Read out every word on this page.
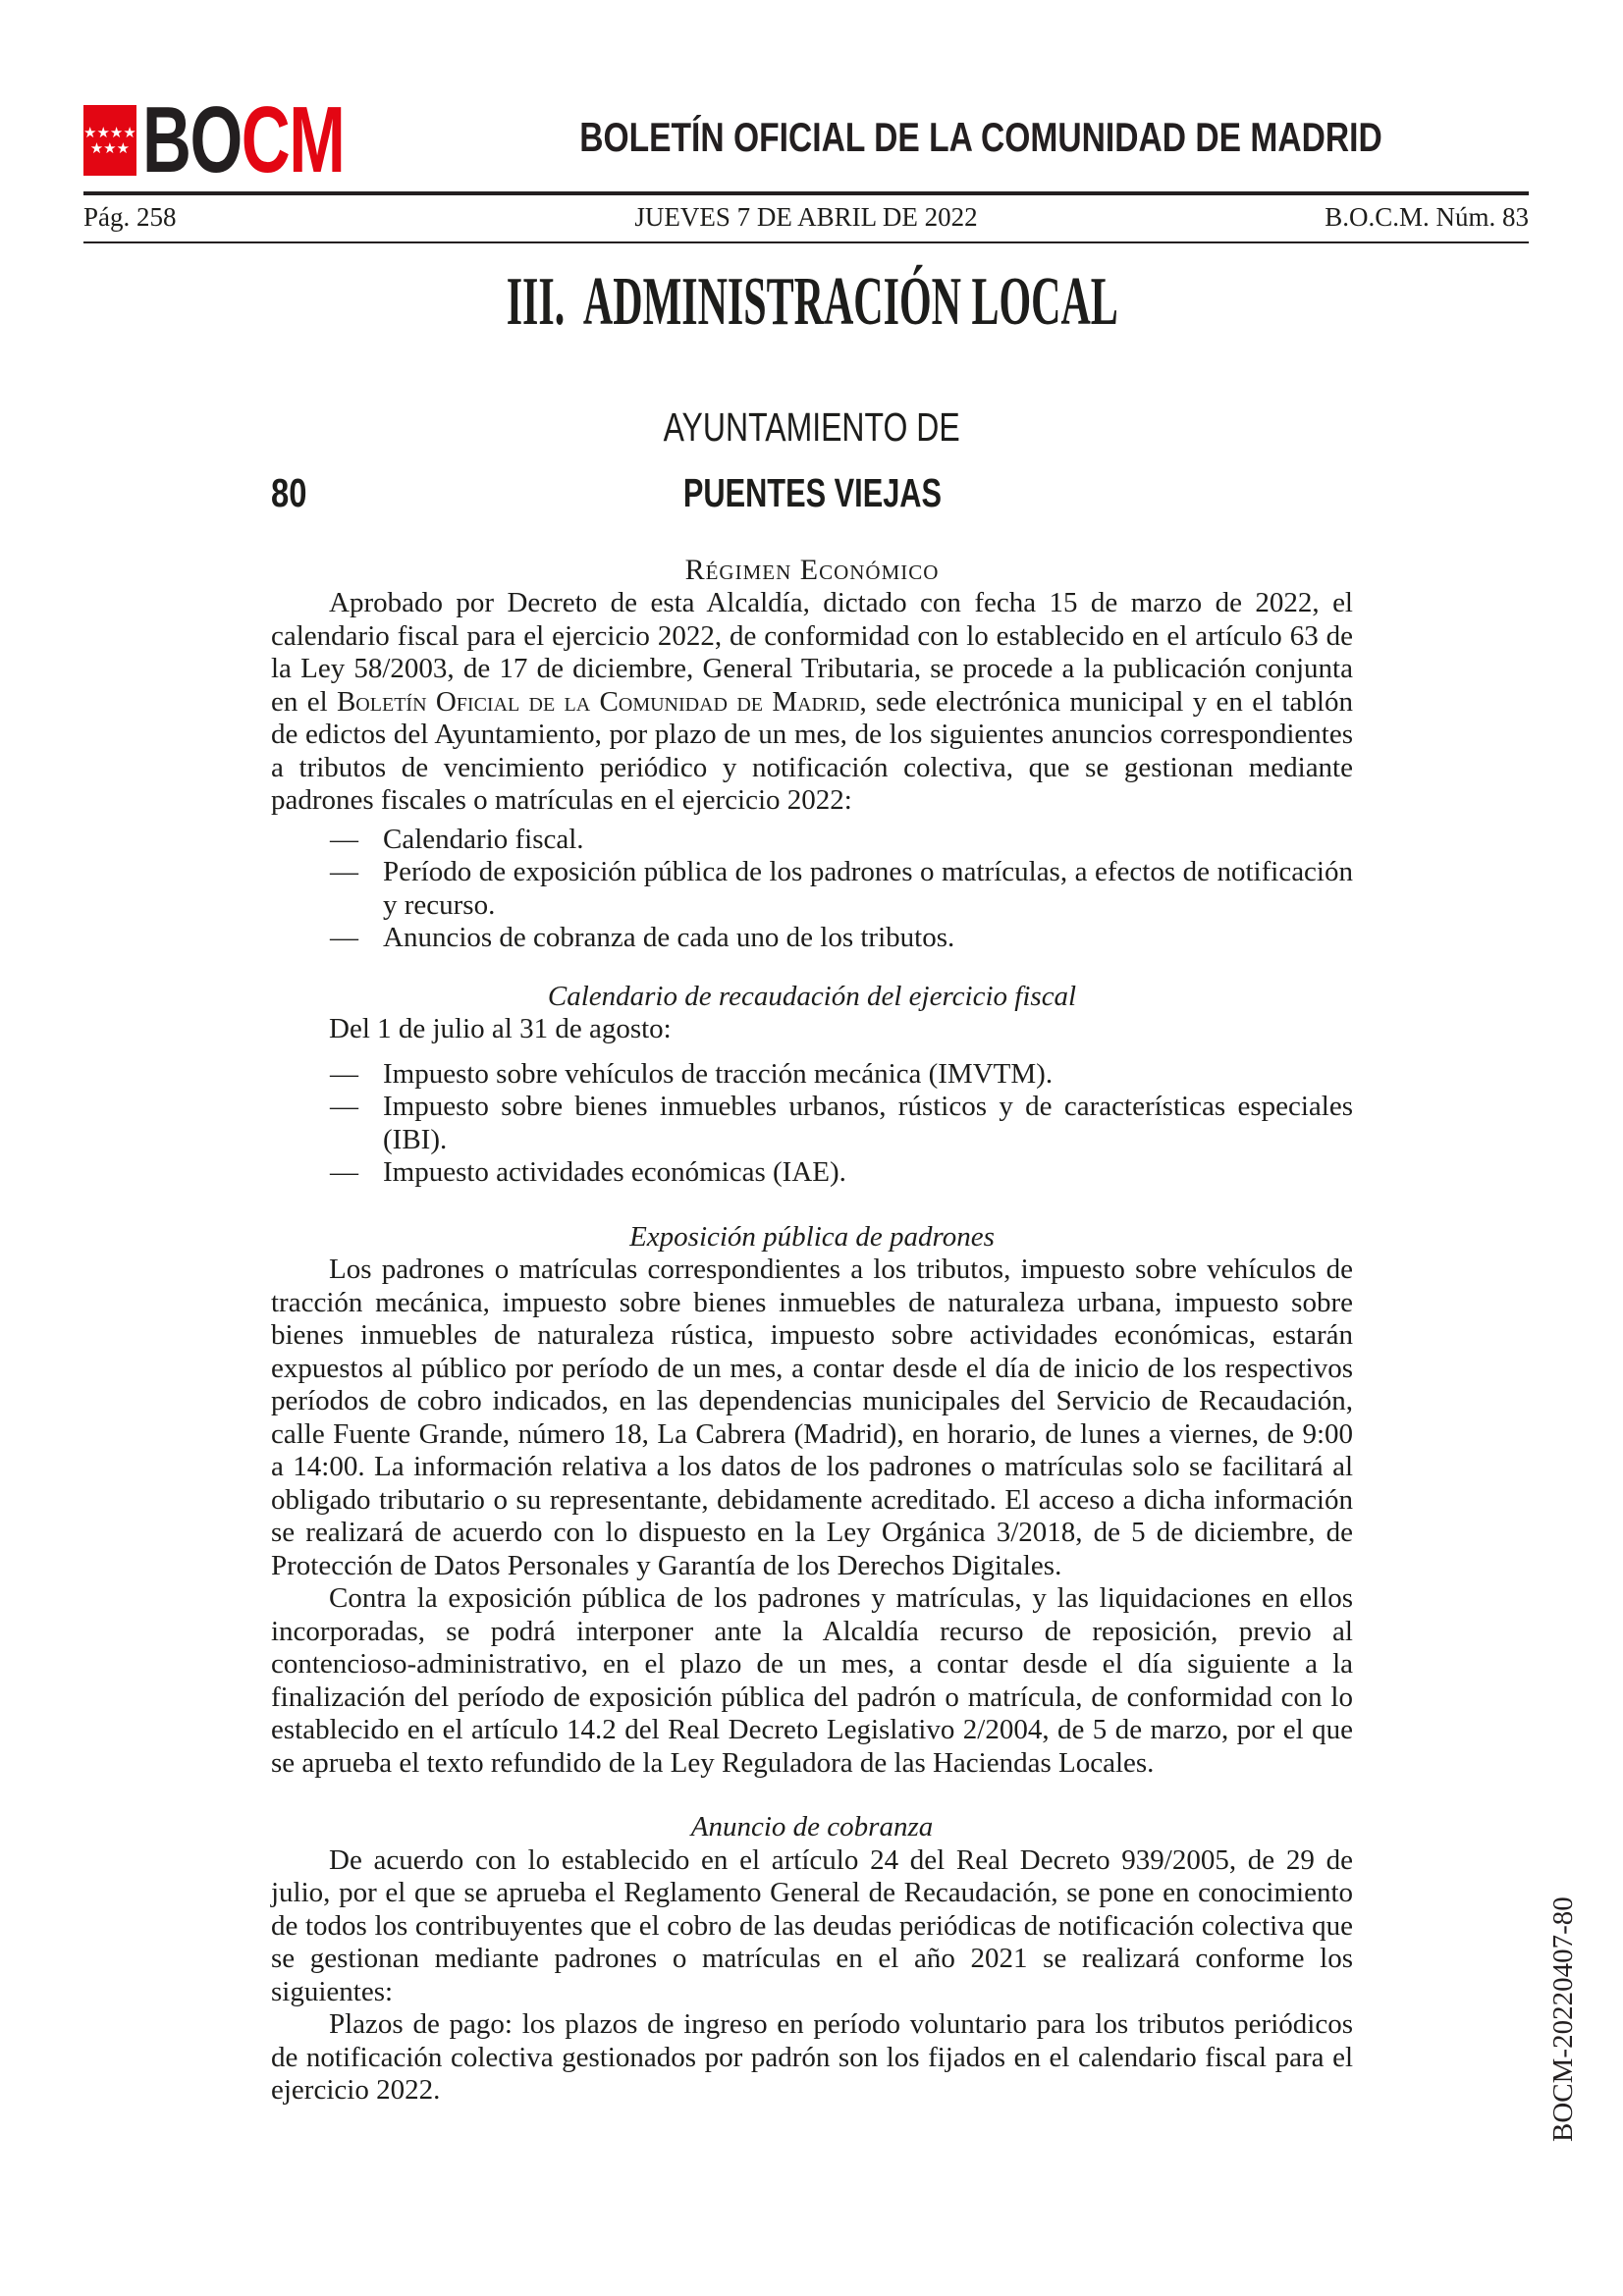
★★★★
★★★ BOCM	BOLETÍN OFICIAL DE LA COMUNIDAD DE MADRID
Pág. 258	JUEVES 7 DE ABRIL DE 2022	B.O.C.M. Núm. 83
III.  ADMINISTRACIÓN LOCAL
AYUNTAMIENTO DE
80	PUENTES VIEJAS
Régimen Económico

Aprobado por Decreto de esta Alcaldía, dictado con fecha 15 de marzo de 2022, el calendario fiscal para el ejercicio 2022, de conformidad con lo establecido en el artículo 63 de la Ley 58/2003, de 17 de diciembre, General Tributaria, se procede a la publicación conjunta en el Boletín Oficial de la Comunidad de Madrid, sede electrónica municipal y en el tablón de edictos del Ayuntamiento, por plazo de un mes, de los siguientes anuncios correspondientes a tributos de vencimiento periódico y notificación colectiva, que se gestionan mediante padrones fiscales o matrículas en el ejercicio 2022:

— Calendario fiscal.
— Período de exposición pública de los padrones o matrículas, a efectos de notificación y recurso.
— Anuncios de cobranza de cada uno de los tributos.
Calendario de recaudación del ejercicio fiscal

Del 1 de julio al 31 de agosto:

— Impuesto sobre vehículos de tracción mecánica (IMVTM).
— Impuesto sobre bienes inmuebles urbanos, rústicos y de características especiales (IBI).
— Impuesto actividades económicas (IAE).
Exposición pública de padrones

Los padrones o matrículas correspondientes a los tributos, impuesto sobre vehículos de tracción mecánica, impuesto sobre bienes inmuebles de naturaleza urbana, impuesto sobre bienes inmuebles de naturaleza rústica, impuesto sobre actividades económicas, estarán expuestos al público por período de un mes, a contar desde el día de inicio de los respectivos períodos de cobro indicados, en las dependencias municipales del Servicio de Recaudación, calle Fuente Grande, número 18, La Cabrera (Madrid), en horario, de lunes a viernes, de 9:00 a 14:00. La información relativa a los datos de los padrones o matrículas solo se facilitará al obligado tributario o su representante, debidamente acreditado. El acceso a dicha información se realizará de acuerdo con lo dispuesto en la Ley Orgánica 3/2018, de 5 de diciembre, de Protección de Datos Personales y Garantía de los Derechos Digitales.

Contra la exposición pública de los padrones y matrículas, y las liquidaciones en ellos incorporadas, se podrá interponer ante la Alcaldía recurso de reposición, previo al contencioso-administrativo, en el plazo de un mes, a contar desde el día siguiente a la finalización del período de exposición pública del padrón o matrícula, de conformidad con lo establecido en el artículo 14.2 del Real Decreto Legislativo 2/2004, de 5 de marzo, por el que se aprueba el texto refundido de la Ley Reguladora de las Haciendas Locales.

Anuncio de cobranza

De acuerdo con lo establecido en el artículo 24 del Real Decreto 939/2005, de 29 de julio, por el que se aprueba el Reglamento General de Recaudación, se pone en conocimiento de todos los contribuyentes que el cobro de las deudas periódicas de notificación colectiva que se gestionan mediante padrones o matrículas en el año 2021 se realizará conforme los siguientes:

Plazos de pago: los plazos de ingreso en período voluntario para los tributos periódicos de notificación colectiva gestionados por padrón son los fijados en el calendario fiscal para el ejercicio 2022.	BOCM-20220407-80
